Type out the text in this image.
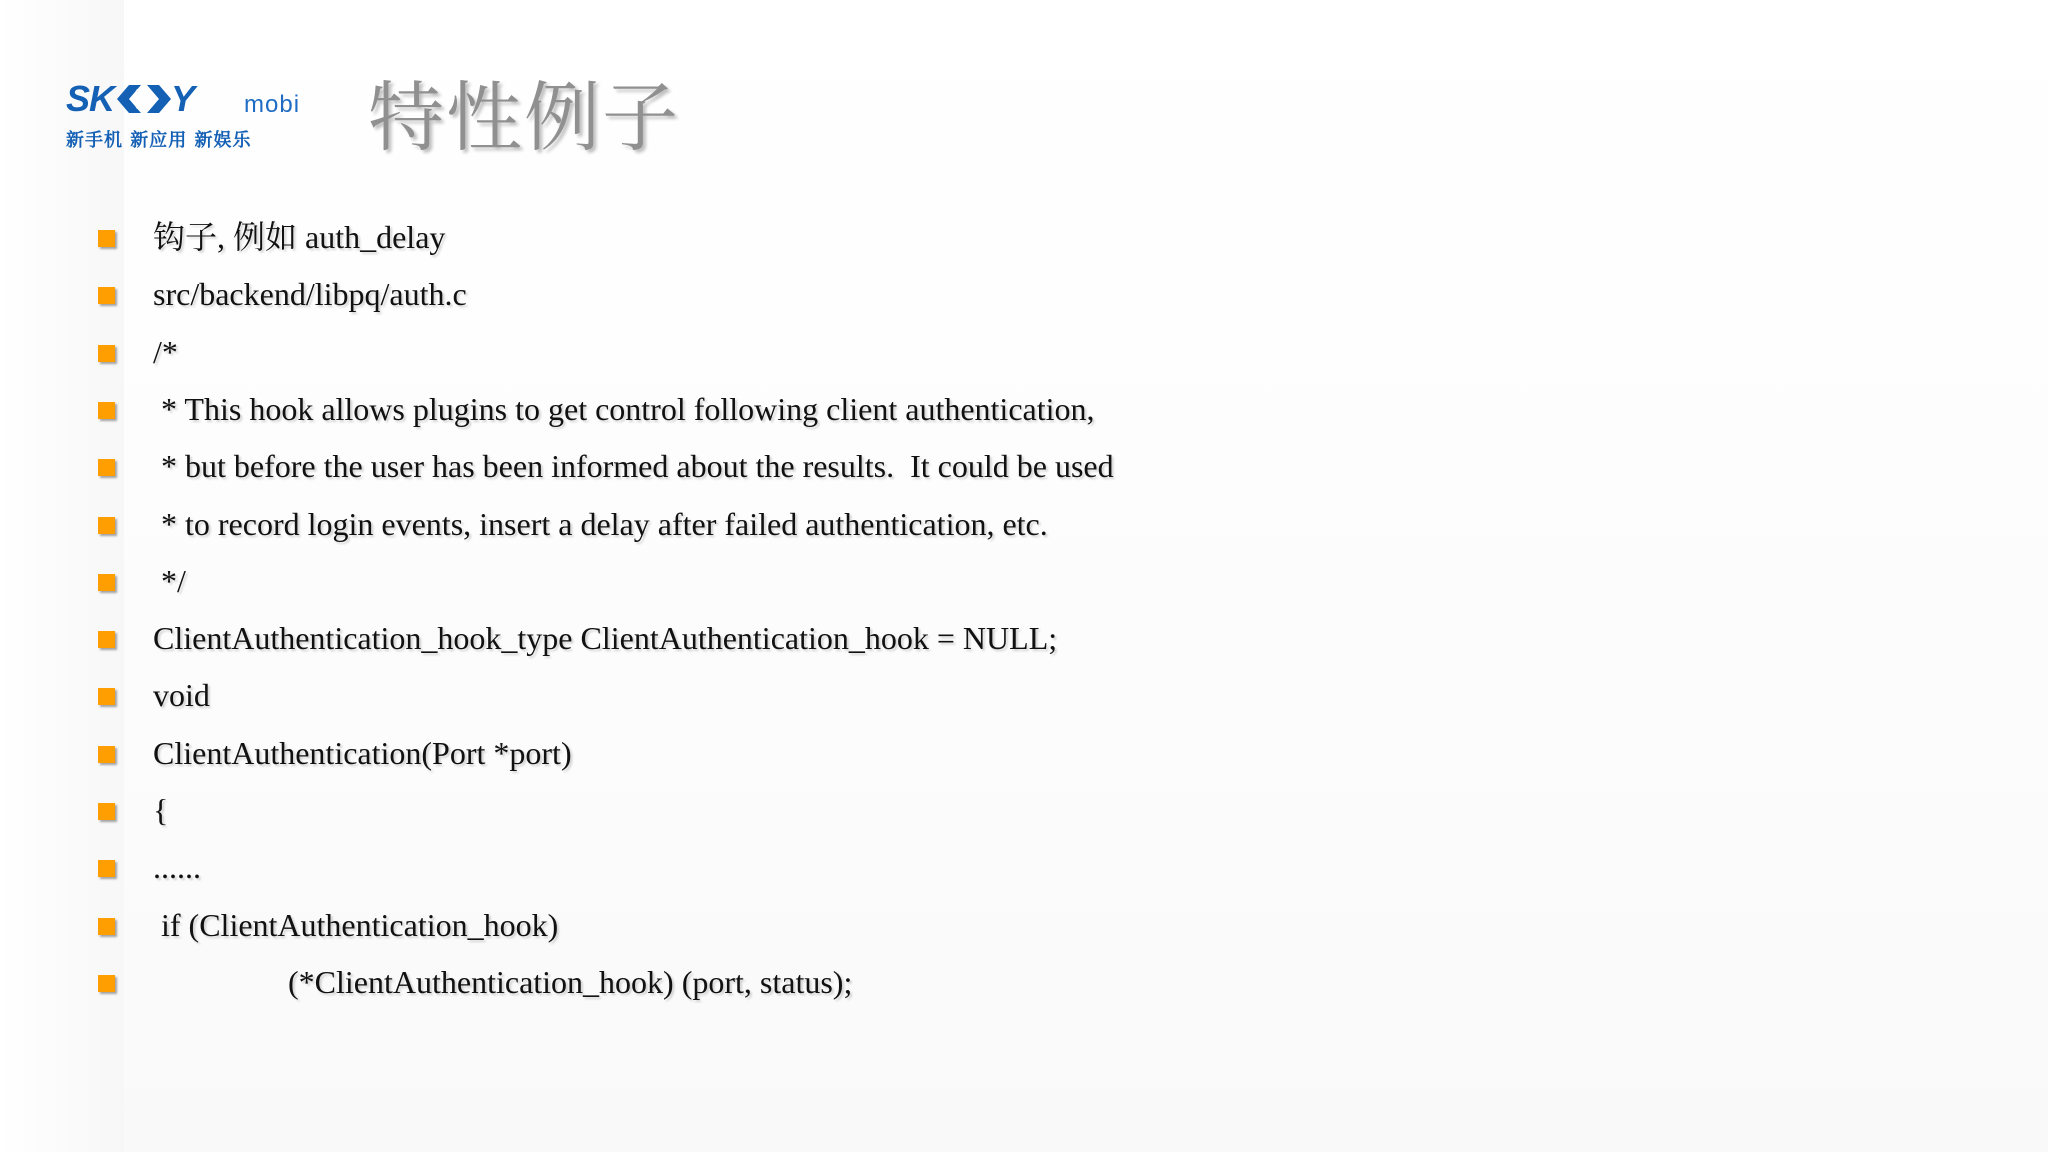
SK Y mobi
新手机 新应用 新娱乐 特性例子
钩子, 例如 auth_delay
src/backend/libpq/auth.c
/*
* This hook allows plugins to get control following client authentication,
* but before the user has been informed about the results.  It could be used
* to record login events, insert a delay after failed authentication, etc.
*/
ClientAuthentication_hook_type ClientAuthentication_hook = NULL;
void
ClientAuthentication(Port *port)
{
......
if (ClientAuthentication_hook)
(*ClientAuthentication_hook) (port, status);
